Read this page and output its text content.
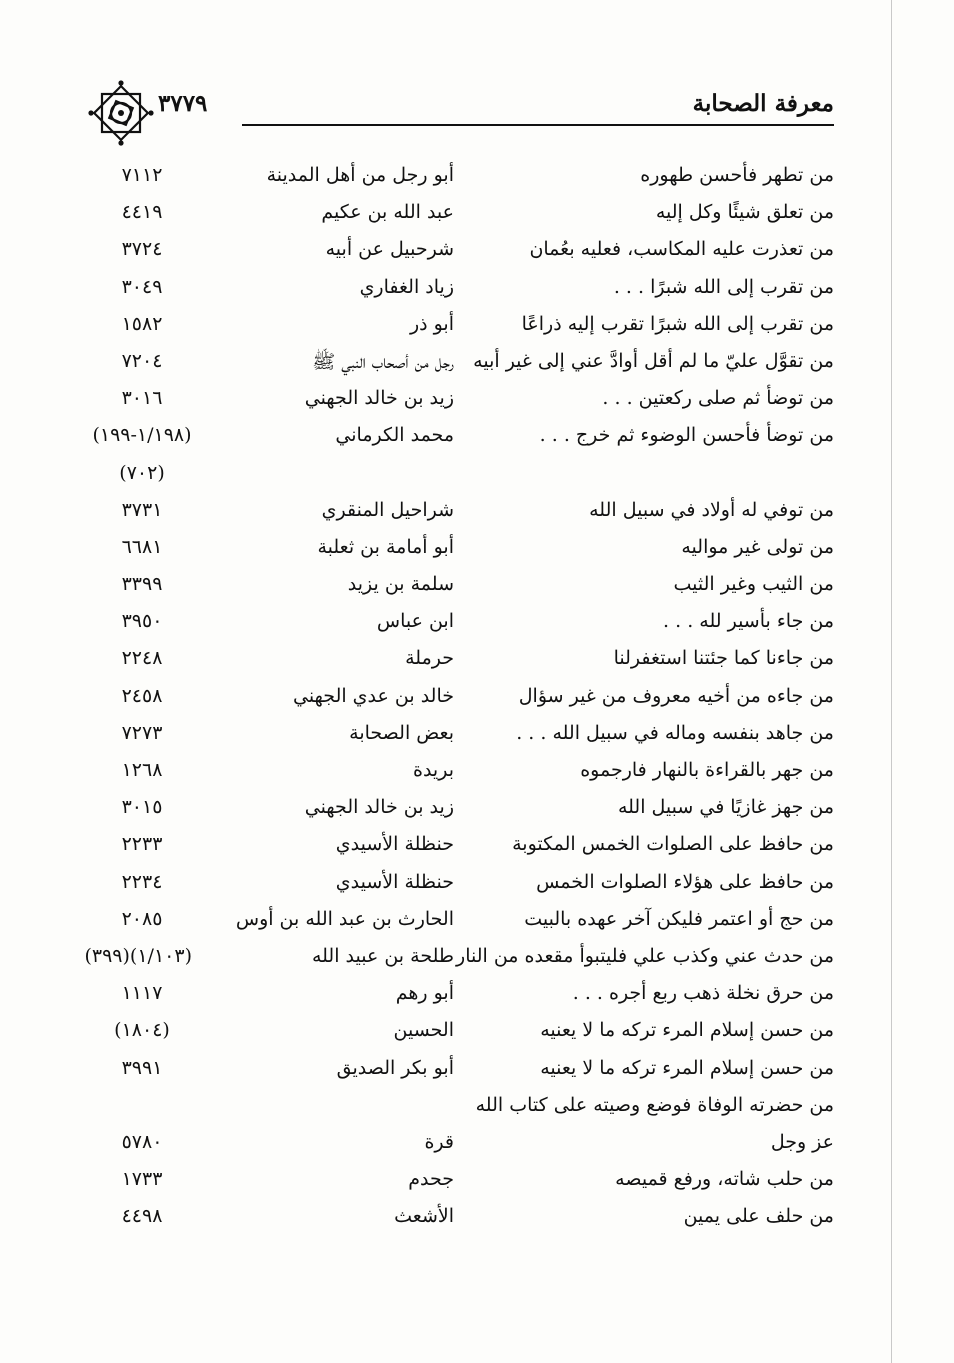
معرفة الصحابة
٣٧٧٩
من تطهر فأحسن طهوره
أبو رجل من أهل المدينة
٧١١٢
من تعلق شيئًا وكل إليه
عبد الله بن عكيم
٤٤١٩
من تعذرت عليه المكاسب، فعليه بعُمان
شرحبيل عن أبيه
٣٧٢٤
من تقرب إلى الله شبرًا . . .
زياد الغفاري
٣٠٤٩
من تقرب إلى الله شبرًا تقرب إليه ذراعًا
أبو ذر
١٥٨٢
من تقوَّل عليّ ما لم أقل أوادَّ عني إلى غير أبيه
رجل من أصحاب النبي ﷺ
٧٢٠٤
من توضأ ثم صلى ركعتين . . .
زيد بن خالد الجهني
٣٠١٦
من توضأ فأحسن الوضوء ثم خرج . . .
محمد الكرماني
(١/١٩٨-١٩٩)
(٧٠٢)
من توفي له أولاد في سبيل الله
شراحيل المنقري
٣٧٣١
من تولى غير مواليه
أبو أمامة بن ثعلبة
٦٦٨١
من الثيب وغير الثيب
سلمة بن يزيد
٣٣٩٩
من جاء بأسير لله . . .
ابن عباس
٣٩٥٠
من جاءنا كما جئتنا استغفرلنا
حرملة
٢٢٤٨
من جاءه من أخيه معروف من غير سؤال
خالد بن عدي الجهني
٢٤٥٨
من جاهد بنفسه وماله في سبيل الله . . .
بعض الصحابة
٧٢٧٣
من جهر بالقراءة بالنهار فارجموه
بريدة
١٢٦٨
من جهز غازيًا في سبيل الله
زيد بن خالد الجهني
٣٠١٥
من حافظ على الصلوات الخمس المكتوبة
حنظلة الأسيدي
٢٢٣٣
من حافظ على هؤلاء الصلوات الخمس
حنظلة الأسيدي
٢٢٣٤
من حج أو اعتمر فليكن آخر عهده بالبيت
الحارث بن عبد الله بن أوس
٢٠٨٥
من حدث عني وكذب علي فليتبوأ مقعده من النار
طلحة بن عبيد الله
(١/١٠٣)(٣٩٩)
من حرق نخلة ذهب ربع أجره . . .
أبو رهم
١١١٧
من حسن إسلام المرء تركه ما لا يعنيه
الحسين
(١٨٠٤)
من حسن إسلام المرء تركه ما لا يعنيه
أبو بكر الصديق
٣٩٩١
من حضرته الوفاة فوضع وصيته على كتاب الله
عز وجل
قرة
٥٧٨٠
من حلب شاته، ورفع قميصه
جحدم
١٧٣٣
من حلف على يمين
الأشعث
٤٤٩٨
